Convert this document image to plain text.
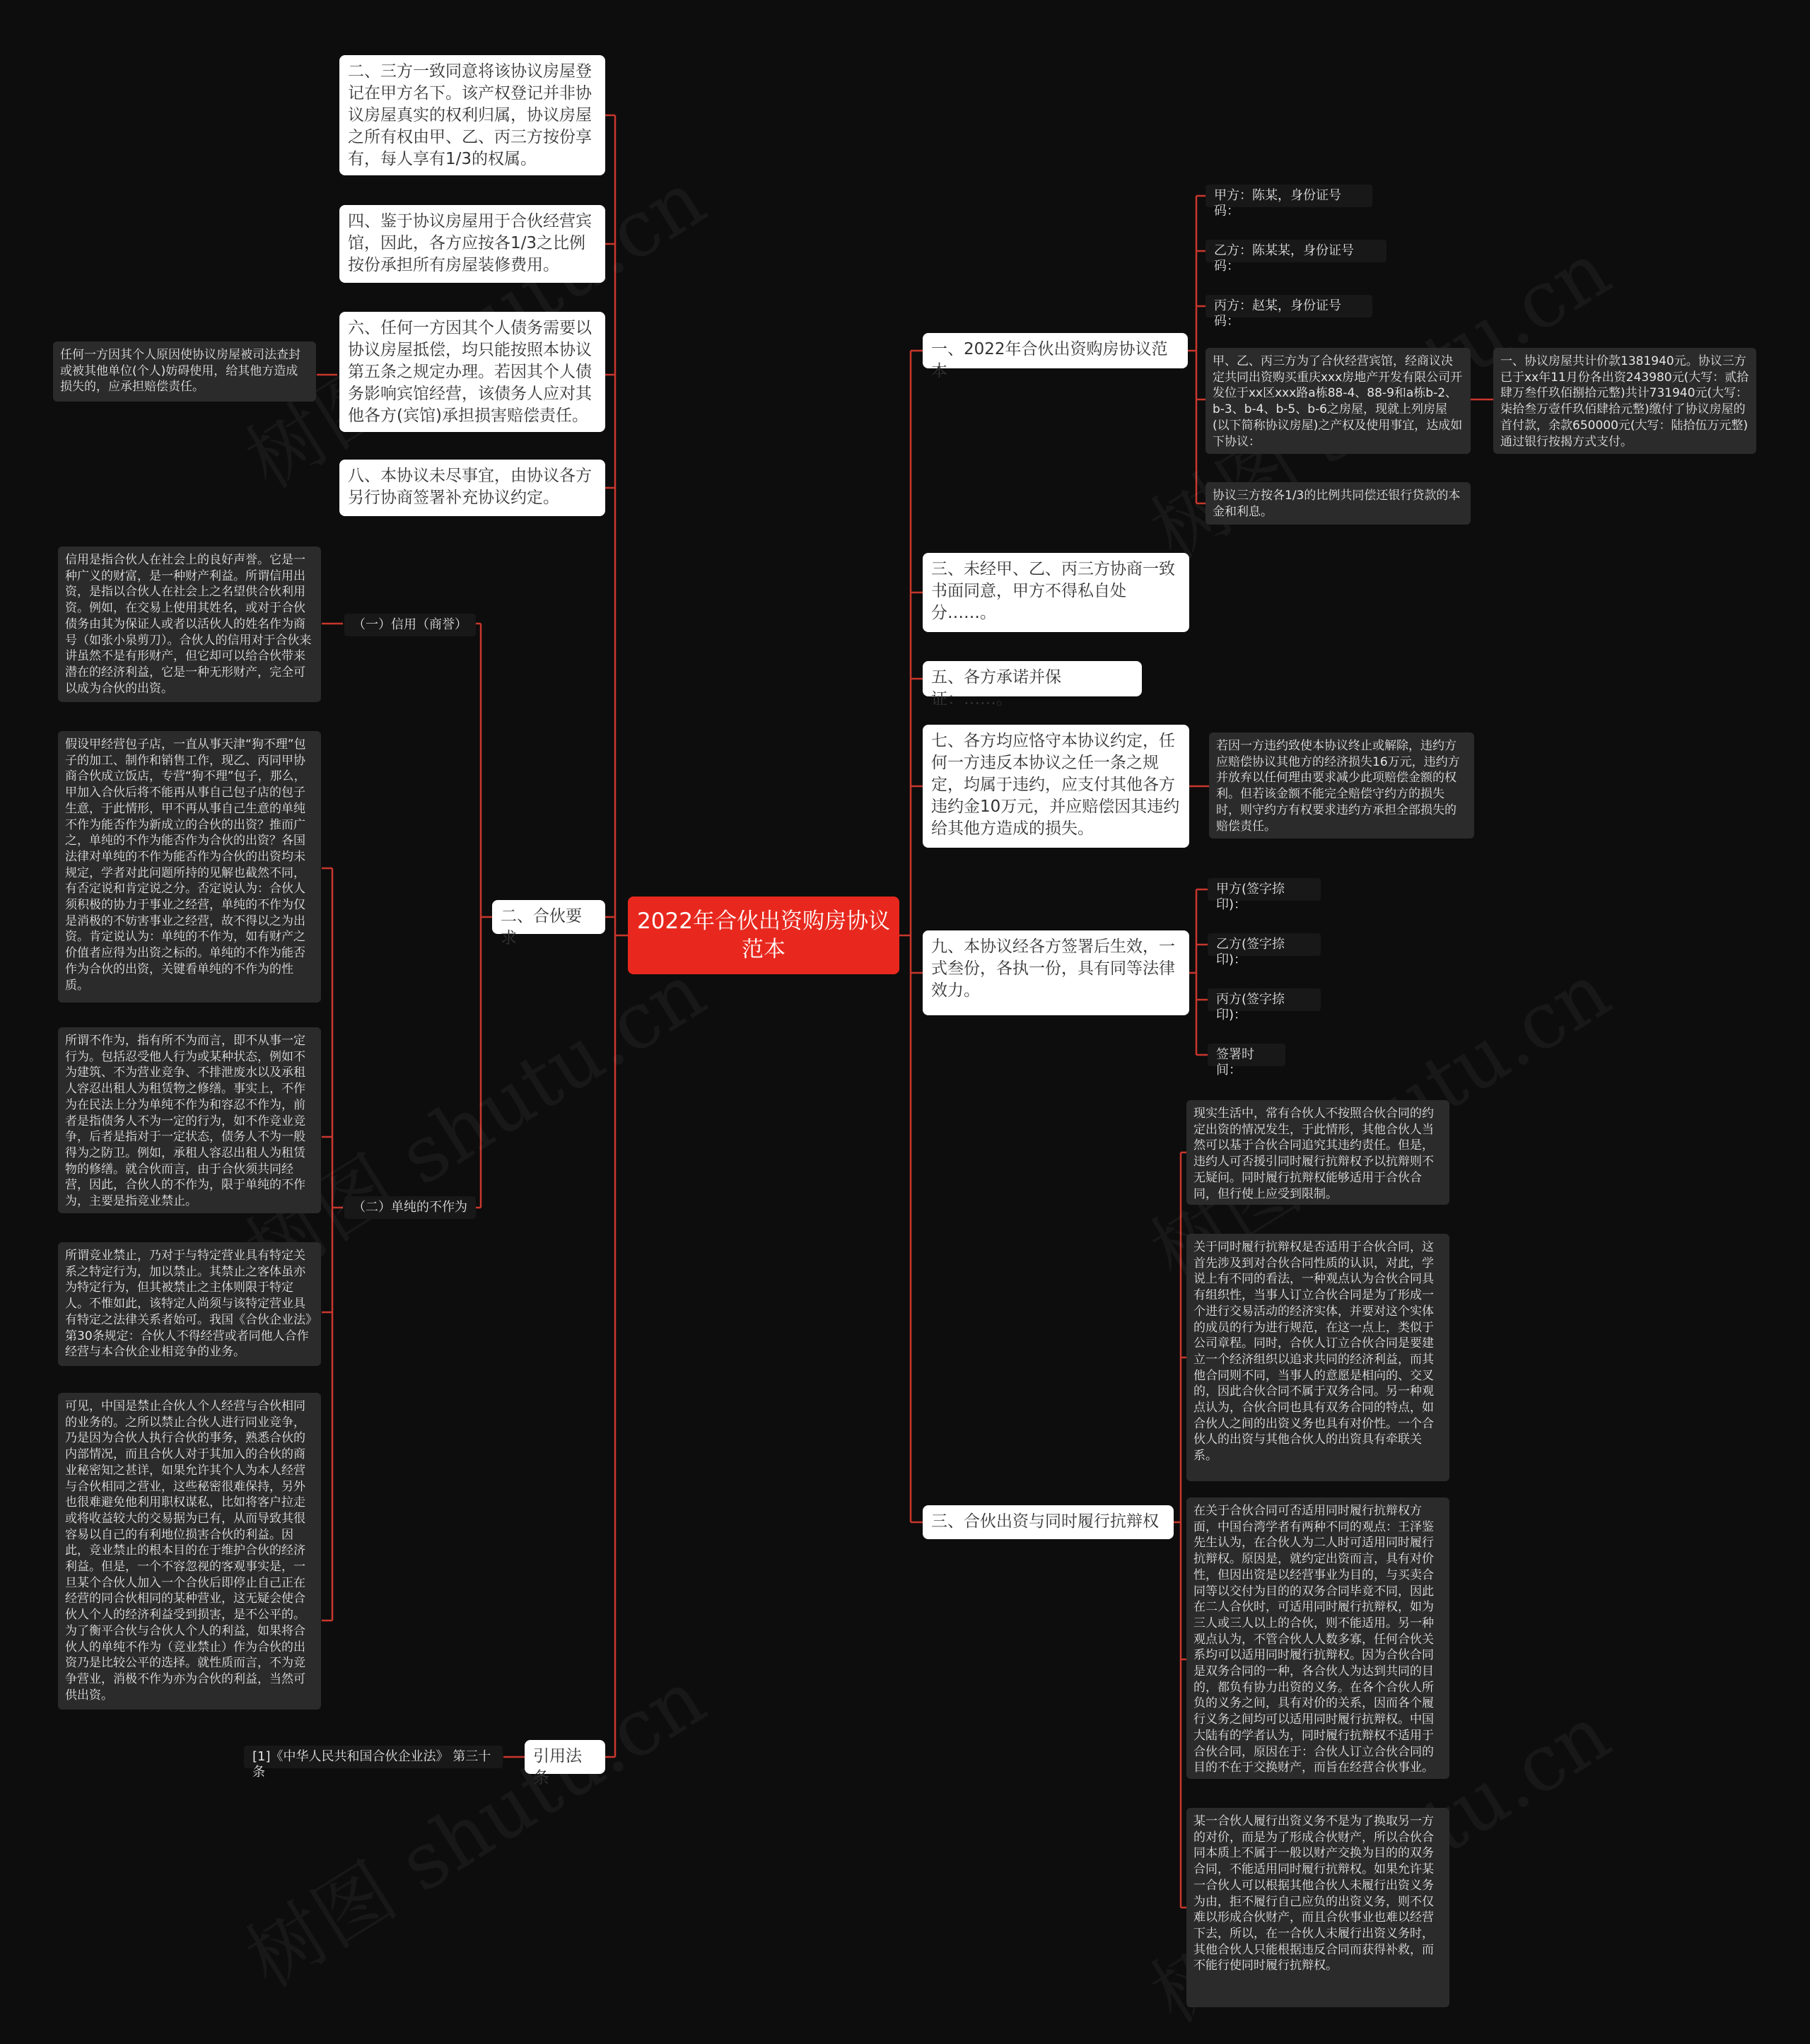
2022年合伙出资购房协议范本
二、三方一致同意将该协议房屋登记在甲方名下。该产权登记并非协议房屋真实的权利归属，协议房屋之所有权由甲、乙、丙三方按份享有，每人享有1/3的权属。
四、鉴于协议房屋用于合伙经营宾馆，因此，各方应按各1/3之比例按份承担所有房屋装修费用。
六、任何一方因其个人债务需要以协议房屋抵偿，均只能按照本协议第五条之规定办理。若因其个人债务影响宾馆经营，该债务人应对其他各方(宾馆)承担损害赔偿责任。
任何一方因其个人原因使协议房屋被司法查封或被其他单位(个人)妨碍使用，给其他方造成损失的，应承担赔偿责任。
八、本协议未尽事宜，由协议各方另行协商签署补充协议约定。
二、合伙要求
（一）信用（商誉）
信用是指合伙人在社会上的良好声誉。它是一种广义的财富，是一种财产利益。所谓信用出资，是指以合伙人在社会上之名望供合伙利用资。例如，在交易上使用其姓名，或对于合伙债务由其为保证人或者以活伙人的姓名作为商号（如张小泉剪刀）。合伙人的信用对于合伙来讲虽然不是有形财产，但它却可以给合伙带来潜在的经济利益，它是一种无形财产，完全可以成为合伙的出资。
（二）单纯的不作为
假设甲经营包子店，一直从事天津“狗不理”包子的加工、制作和销售工作，现乙、丙同甲协商合伙成立饭店，专营“狗不理”包子，那么，甲加入合伙后将不能再从事自己包子店的包子生意，于此情形，甲不再从事自己生意的单纯不作为能否作为新成立的合伙的出资？推而广之，单纯的不作为能否作为合伙的出资？各国法律对单纯的不作为能否作为合伙的出资均未规定，学者对此问题所持的见解也截然不同，有否定说和肯定说之分。否定说认为：合伙人须积极的协力于事业之经营，单纯的不作为仅是消极的不妨害事业之经营，故不得以之为出资。肯定说认为：单纯的不作为，如有财产之价值者应得为出资之标的。单纯的不作为能否作为合伙的出资，关键看单纯的不作为的性质。
所谓不作为，指有所不为而言，即不从事一定行为。包括忍受他人行为或某种状态，例如不为建筑、不为营业竞争、不排泄废水以及承租人容忍出租人为租赁物之修缮。事实上，不作为在民法上分为单纯不作为和容忍不作为，前者是指债务人不为一定的行为，如不作竞业竞争，后者是指对于一定状态，债务人不为一般得为之防卫。例如，承租人容忍出租人为租赁物的修缮。就合伙而言，由于合伙须共同经营，因此，合伙人的不作为，限于单纯的不作为，主要是指竞业禁止。
所谓竞业禁止，乃对于与特定营业具有特定关系之特定行为，加以禁止。其禁止之客体虽亦为特定行为，但其被禁止之主体则限于特定人。不惟如此，该特定人尚须与该特定营业具有特定之法律关系者始可。我国《合伙企业法》第30条规定：合伙人不得经营或者同他人合作经营与本合伙企业相竞争的业务。
可见，中国是禁止合伙人个人经营与合伙相同的业务的。之所以禁止合伙人进行同业竞争，乃是因为合伙人执行合伙的事务，熟悉合伙的内部情况，而且合伙人对于其加入的合伙的商业秘密知之甚详，如果允许其个人为本人经营与合伙相同之营业，这些秘密很难保持，另外也很难避免他利用职权谋私，比如将客户拉走或将收益较大的交易据为已有，从而导致其很容易以自己的有利地位损害合伙的利益。因此，竞业禁止的根本目的在于维护合伙的经济利益。但是，一个不容忽视的客观事实是，一旦某个合伙人加入一个合伙后即停止自己正在经营的同合伙相同的某种营业，这无疑会使合伙人个人的经济利益受到损害，是不公平的。为了衡平合伙与合伙人个人的利益，如果将合伙人的单纯不作为（竞业禁止）作为合伙的出资乃是比较公平的选择。就性质而言，不为竞争营业，消极不作为亦为合伙的利益，当然可供出资。
引用法条
[1]《中华人民共和国合伙企业法》 第三十条
一、2022年合伙出资购房协议范本
甲方：陈某，身份证号码：
乙方：陈某某，身份证号码：
丙方：赵某，身份证号码：
甲、乙、丙三方为了合伙经营宾馆，经商议决定共同出资购买重庆xxx房地产开发有限公司开发位于xx区xxx路a栋88-4、88-9和a栋b-2、b-3、b-4、b-5、b-6之房屋，现就上列房屋(以下简称协议房屋)之产权及使用事宜，达成如下协议：
一、协议房屋共计价款1381940元。协议三方已于xx年11月份各出资243980元(大写：贰拾肆万叁仟玖佰捌拾元整)共计731940元(大写：柒拾叁万壹仟玖佰肆拾元整)缴付了协议房屋的首付款，余款650000元(大写：陆拾伍万元整)通过银行按揭方式支付。
协议三方按各1/3的比例共同偿还银行贷款的本金和利息。
三、未经甲、乙、丙三方协商一致书面同意，甲方不得私自处分……。
五、各方承诺并保证：……。
七、各方均应恪守本协议约定，任何一方违反本协议之任一条之规定，均属于违约，应支付其他各方违约金10万元，并应赔偿因其违约给其他方造成的损失。
若因一方违约致使本协议终止或解除，违约方应赔偿协议其他方的经济损失16万元，违约方并放弃以任何理由要求减少此项赔偿金额的权利。但若该金额不能完全赔偿守约方的损失时，则守约方有权要求违约方承担全部损失的赔偿责任。
九、本协议经各方签署后生效，一式叁份，各执一份，具有同等法律效力。
甲方(签字捺印)：
乙方(签字捺印)：
丙方(签字捺印)：
签署时间：
三、合伙出资与同时履行抗辩权
现实生活中，常有合伙人不按照合伙合同的约定出资的情况发生，于此情形，其他合伙人当然可以基于合伙合同追究其违约责任。但是，违约人可否援引同时履行抗辩权予以抗辩则不无疑问。同时履行抗辩权能够适用于合伙合同，但行使上应受到限制。
关于同时履行抗辩权是否适用于合伙合同，这首先涉及到对合伙合同性质的认识，对此，学说上有不同的看法，一种观点认为合伙合同具有组织性，当事人订立合伙合同是为了形成一个进行交易活动的经济实体，并要对这个实体的成员的行为进行规范，在这一点上，类似于公司章程。同时，合伙人订立合伙合同是要建立一个经济组织以追求共同的经济利益，而其他合同则不同，当事人的意愿是相向的、交叉的，因此合伙合同不属于双务合同。另一种观点认为，合伙合同也具有双务合同的特点，如合伙人之间的出资义务也具有对价性。一个合伙人的出资与其他合伙人的出资具有牵联关系。
在关于合伙合同可否适用同时履行抗辩权方面，中国台湾学者有两种不同的观点：王泽鉴先生认为，在合伙人为二人时可适用同时履行抗辩权。原因是，就约定出资而言，具有对价性，但因出资是以经营事业为目的，与买卖合同等以交付为目的的双务合同毕竟不同，因此在二人合伙时，可适用同时履行抗辩权，如为三人或三人以上的合伙，则不能适用。另一种观点认为，不管合伙人人数多寡，任何合伙关系均可以适用同时履行抗辩权。因为合伙合同是双务合同的一种，各合伙人为达到共同的目的，都负有协力出资的义务。在各个合伙人所负的义务之间，具有对价的关系，因而各个履行义务之间均可以适用同时履行抗辩权。中国大陆有的学者认为，同时履行抗辩权不适用于合伙合同，原因在于：合伙人订立合伙合同的目的不在于交换财产，而旨在经营合伙事业。
某一合伙人履行出资义务不是为了换取另一方的对价，而是为了形成合伙财产，所以合伙合同本质上不属于一般以财产交换为目的的双务合同，不能适用同时履行抗辩权。如果允许某一合伙人可以根据其他合伙人未履行出资义务为由，拒不履行自己应负的出资义务，则不仅难以形成合伙财产，而且合伙事业也难以经营下去，所以，在一合伙人未履行出资义务时，其他合伙人只能根据违反合同而获得补救，而不能行使同时履行抗辩权。
